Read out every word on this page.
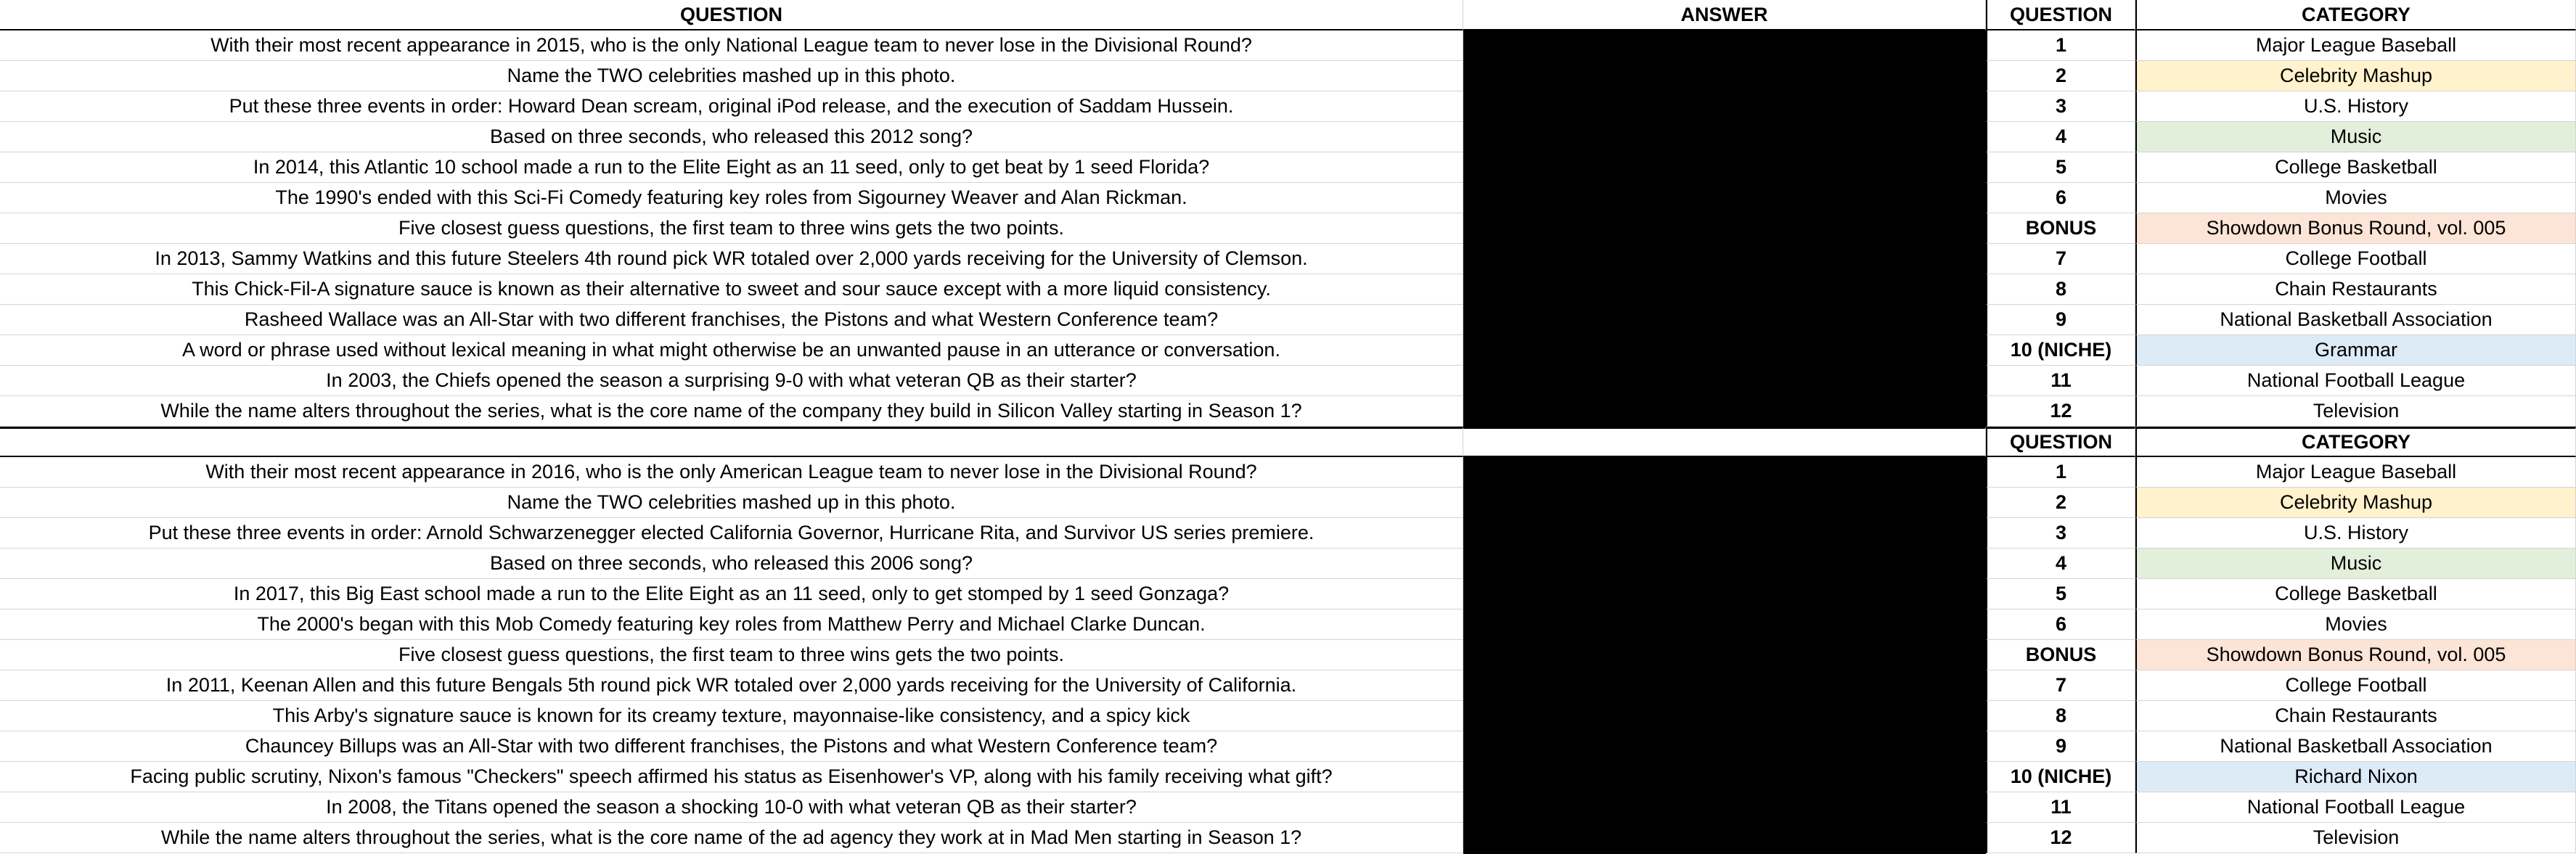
QUESTION	ANSWER	QUESTION	CATEGORY
With their most recent appearance in 2015, who is the only National League team to never lose in the Divisional Round?	1	Major League Baseball
Name the TWO celebrities mashed up in this photo.	2	Celebrity Mashup
Put these three events in order: Howard Dean scream, original iPod release, and the execution of Saddam Hussein.	3	U.S. History
Based on three seconds, who released this 2012 song?	4	Music
In 2014, this Atlantic 10 school made a run to the Elite Eight as an 11 seed, only to get beat by 1 seed Florida?	5	College Basketball
The 1990's ended with this Sci-Fi Comedy featuring key roles from Sigourney Weaver and Alan Rickman.	6	Movies
Five closest guess questions, the first team to three wins gets the two points.	BONUS	Showdown Bonus Round, vol. 005
In 2013, Sammy Watkins and this future Steelers 4th round pick WR totaled over 2,000 yards receiving for the University of Clemson.	7	College Football
This Chick-Fil-A signature sauce is known as their alternative to sweet and sour sauce except with a more liquid consistency.	8	Chain Restaurants
Rasheed Wallace was an All-Star with two different franchises, the Pistons and what Western Conference team?	9	National Basketball Association
A word or phrase used without lexical meaning in what might otherwise be an unwanted pause in an utterance or conversation.	10 (NICHE)	Grammar
In 2003, the Chiefs opened the season a surprising 9-0 with what veteran QB as their starter?	11	National Football League
While the name alters throughout the series, what is the core name of the company they build in Silicon Valley starting in Season 1?	12	Television
QUESTION	CATEGORY
With their most recent appearance in 2016, who is the only American League team to never lose in the Divisional Round?	1	Major League Baseball
Name the TWO celebrities mashed up in this photo.	2	Celebrity Mashup
Put these three events in order: Arnold Schwarzenegger elected California Governor, Hurricane Rita, and Survivor US series premiere.	3	U.S. History
Based on three seconds, who released this 2006 song?	4	Music
In 2017, this Big East school made a run to the Elite Eight as an 11 seed, only to get stomped by 1 seed Gonzaga?	5	College Basketball
The 2000's began with this Mob Comedy featuring key roles from Matthew Perry and Michael Clarke Duncan.	6	Movies
Five closest guess questions, the first team to three wins gets the two points.	BONUS	Showdown Bonus Round, vol. 005
In 2011, Keenan Allen and this future Bengals 5th round pick WR totaled over 2,000 yards receiving for the University of California.	7	College Football
This Arby's signature sauce is known for its creamy texture, mayonnaise-like consistency, and a spicy kick	8	Chain Restaurants
Chauncey Billups was an All-Star with two different franchises, the Pistons and what Western Conference team?	9	National Basketball Association
Facing public scrutiny, Nixon's famous "Checkers" speech affirmed his status as Eisenhower's VP, along with his family receiving what gift?	10 (NICHE)	Richard Nixon
In 2008, the Titans opened the season a shocking 10-0 with what veteran QB as their starter?	11	National Football League
While the name alters throughout the series, what is the core name of the ad agency they work at in Mad Men starting in Season 1?	12	Television
